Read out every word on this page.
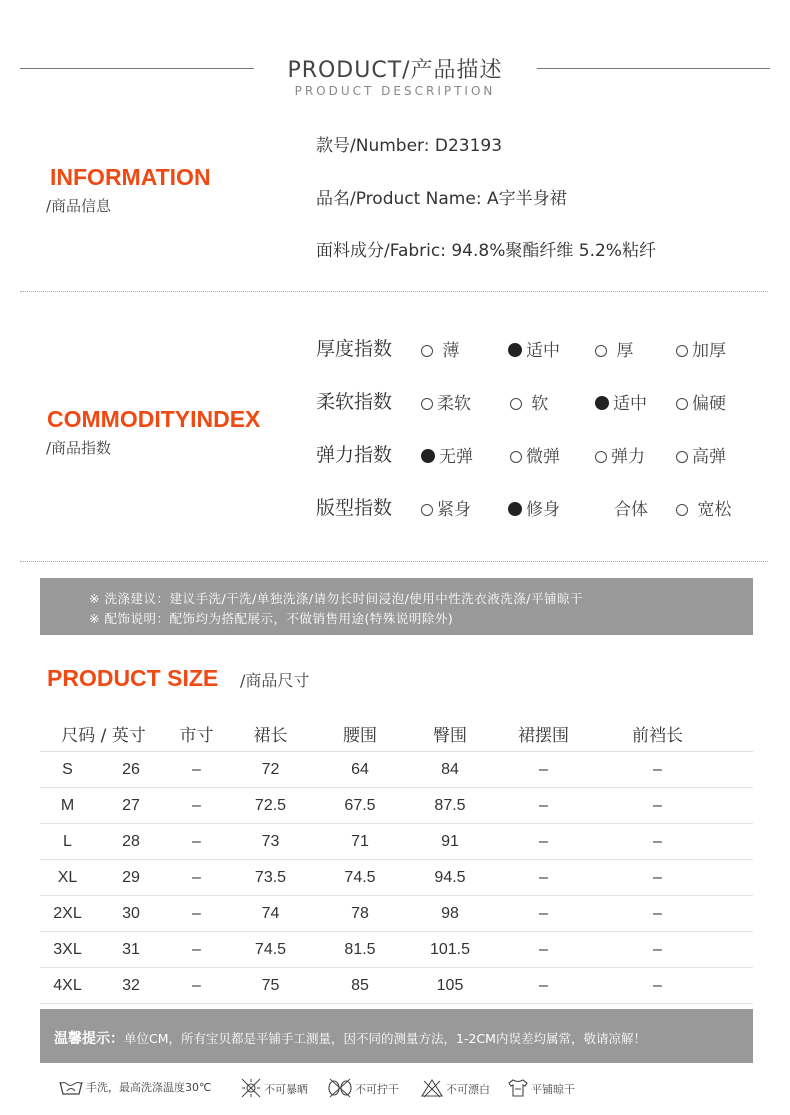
PRODUCT/产品描述
PRODUCT DESCRIPTION
INFORMATION
/商品信息
款号/Number: D23193
品名/Product Name: A字半身裙
面料成分/Fabric: 94.8%聚酯纤维 5.2%粘纤
COMMODITYINDEX
/商品指数
厚度指数	薄	适中	厚	加厚
柔软指数	柔软	软	适中	偏硬
弹力指数	无弹	微弹	弹力	高弹
版型指数	紧身	修身	合体	宽松
※ 洗涤建议：建议手洗/干洗/单独洗涤/请勿长时间浸泡/使用中性洗衣液洗涤/平铺晾干
※ 配饰说明：配饰均为搭配展示，不做销售用途(特殊说明除外)
PRODUCT SIZE /商品尺寸
尺码 / 英寸		市寸	裙长	腰围	臀围	裙摆围	前裆长
S	26	–	72	64	84	–	–
M	27	–	72.5	67.5	87.5	–	–
L	28	–	73	71	91	–	–
XL	29	–	73.5	74.5	94.5	–	–
2XL	30	–	74	78	98	–	–
3XL	31	–	74.5	81.5	101.5	–	–
4XL	32	–	75	85	105	–	–
温馨提示：单位CM，所有宝贝都是平铺手工测量，因不同的测量方法，1-2CM内误差均属常，敬请凉解！
手洗，最高洗涤温度30℃	不可暴晒	不可拧干	不可漂白	平铺晾干
